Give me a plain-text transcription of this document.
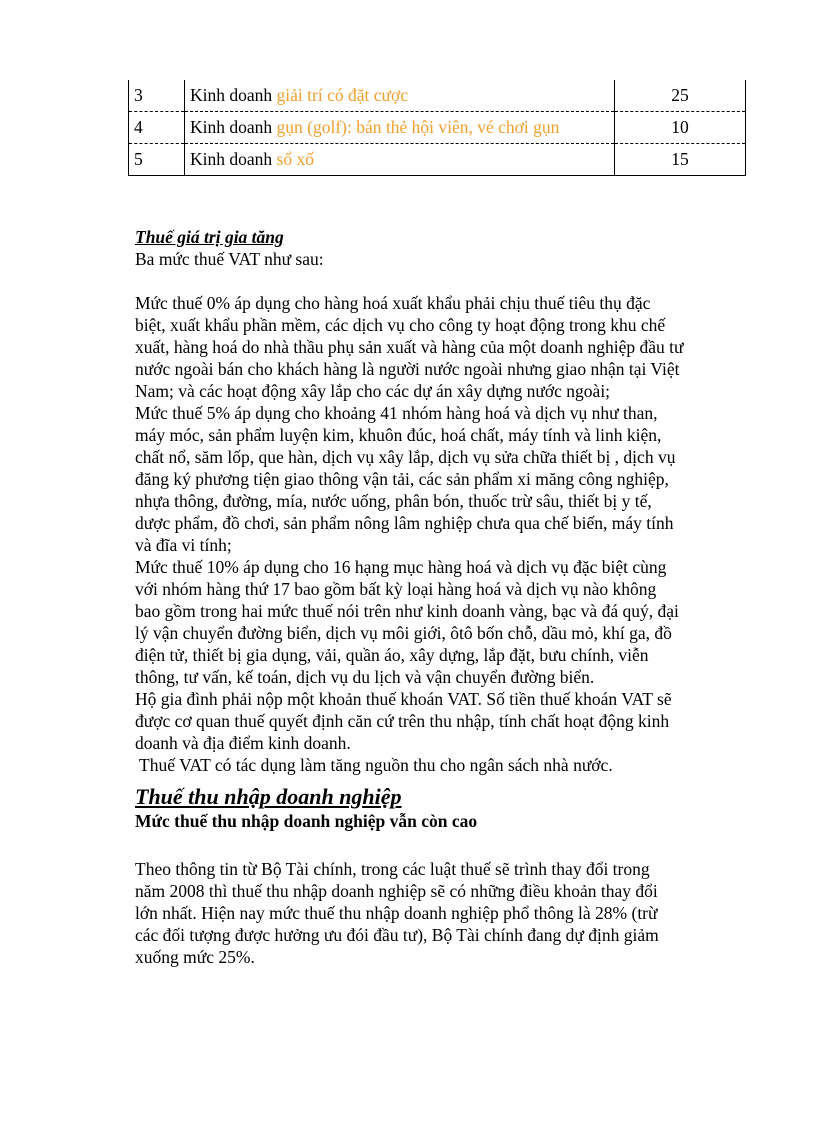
3	Kinh doanh giải trí có đặt cược	25
4	Kinh doanh gụn (golf): bán thẻ hội viên, vé chơi gụn	10
5	Kinh doanh sổ xố	15

Thuế giá trị gia tăng

Ba mức thuế VAT như sau:

Mức thuế 0% áp dụng cho hàng hoá xuất khẩu phải chịu thuế tiêu thụ đặc

biệt, xuất khẩu phần mềm, các dịch vụ cho công ty hoạt động trong khu chế

xuất, hàng hoá do nhà thầu phụ sản xuất và hàng của một doanh nghiệp đầu tư

nước ngoài bán cho khách hàng là người nước ngoài nhưng giao nhận tại Việt

Nam; và các hoạt động xây lắp cho các dự án xây dựng nước ngoài;

Mức thuế 5% áp dụng cho khoảng 41 nhóm hàng hoá và dịch vụ như than,

máy móc, sản phẩm luyện kim, khuôn đúc, hoá chất, máy tính và linh kiện,

chất nổ, săm lốp, que hàn, dịch vụ xây lắp, dịch vụ sửa chữa thiết bị , dịch vụ

đăng ký phương tiện giao thông vận tải, các sản phẩm xi măng công nghiệp,

nhựa thông, đường, mía, nước uống, phân bón, thuốc trừ sâu, thiết bị y tế,

dược phẩm, đồ chơi, sản phẩm nông lâm nghiệp chưa qua chế biến, máy tính

và đĩa vi tính;

Mức thuế 10% áp dụng cho 16 hạng mục hàng hoá và dịch vụ đặc biệt cùng

với nhóm hàng thứ 17 bao gồm bất kỳ loại hàng hoá và dịch vụ nào không

bao gồm trong hai mức thuế nói trên như kinh doanh vàng, bạc và đá quý, đại

lý vận chuyển đường biển, dịch vụ môi giới, ôtô bốn chỗ, dầu mỏ, khí ga, đồ

điện tử, thiết bị gia dụng, vải, quần áo, xây dựng, lắp đặt, bưu chính, viễn

thông, tư vấn, kế toán, dịch vụ du lịch và vận chuyển đường biển.

Hộ gia đình phải nộp một khoản thuế khoán VAT. Số tiền thuế khoán VAT sẽ

được cơ quan thuế quyết định căn cứ trên thu nhập, tính chất hoạt động kinh

doanh và địa điểm kinh doanh.

Thuế VAT có tác dụng làm tăng nguồn thu cho ngân sách nhà nước.

Thuế thu nhập doanh nghiệp

Mức thuế thu nhập doanh nghiệp vẫn còn cao

Theo thông tin từ Bộ Tài chính, trong các luật thuế sẽ trình thay đổi trong

năm 2008 thì thuế thu nhập doanh nghiệp sẽ có những điều khoản thay đổi

lớn nhất. Hiện nay mức thuế thu nhập doanh nghiệp phổ thông là 28% (trừ

các đối tượng được hưởng ưu đói đầu tư), Bộ Tài chính đang dự định giảm

xuống mức 25%.
